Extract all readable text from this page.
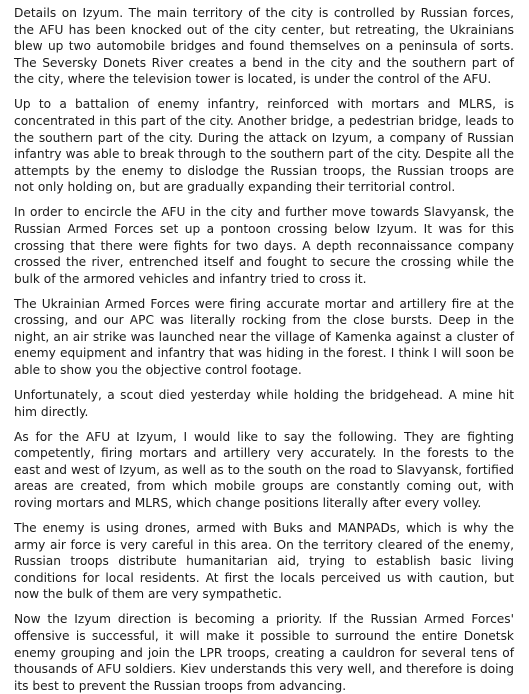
Details on Izyum. The main territory of the city is controlled by Russian forces, the AFU has been knocked out of the city center, but retreating, the Ukrainians blew up two automobile bridges and found themselves on a peninsula of sorts. The Seversky Donets River creates a bend in the city and the southern part of the city, where the television tower is located, is under the control of the AFU.

Up to a battalion of enemy infantry, reinforced with mortars and MLRS, is concentrated in this part of the city. Another bridge, a pedestrian bridge, leads to the southern part of the city. During the attack on Izyum, a company of Russian infantry was able to break through to the southern part of the city. Despite all the attempts by the enemy to dislodge the Russian troops, the Russian troops are not only holding on, but are gradually expanding their territorial control.

In order to encircle the AFU in the city and further move towards Slavyansk, the Russian Armed Forces set up a pontoon crossing below Izyum. It was for this crossing that there were fights for two days. A depth reconnaissance company crossed the river, entrenched itself and fought to secure the crossing while the bulk of the armored vehicles and infantry tried to cross it.

The Ukrainian Armed Forces were firing accurate mortar and artillery fire at the crossing, and our APC was literally rocking from the close bursts. Deep in the night, an air strike was launched near the village of Kamenka against a cluster of enemy equipment and infantry that was hiding in the forest. I think I will soon be able to show you the objective control footage.

Unfortunately, a scout died yesterday while holding the bridgehead. A mine hit him directly.

As for the AFU at Izyum, I would like to say the following. They are fighting competently, firing mortars and artillery very accurately. In the forests to the east and west of Izyum, as well as to the south on the road to Slavyansk, fortified areas are created, from which mobile groups are constantly coming out, with roving mortars and MLRS, which change positions literally after every volley.

The enemy is using drones, armed with Buks and MANPADs, which is why the army air force is very careful in this area. On the territory cleared of the enemy, Russian troops distribute humanitarian aid, trying to establish basic living conditions for local residents. At first the locals perceived us with caution, but now the bulk of them are very sympathetic.

Now the Izyum direction is becoming a priority. If the Russian Armed Forces' offensive is successful, it will make it possible to surround the entire Donetsk enemy grouping and join the LPR troops, creating a cauldron for several tens of thousands of AFU soldiers. Kiev understands this very well, and therefore is doing its best to prevent the Russian troops from advancing.
